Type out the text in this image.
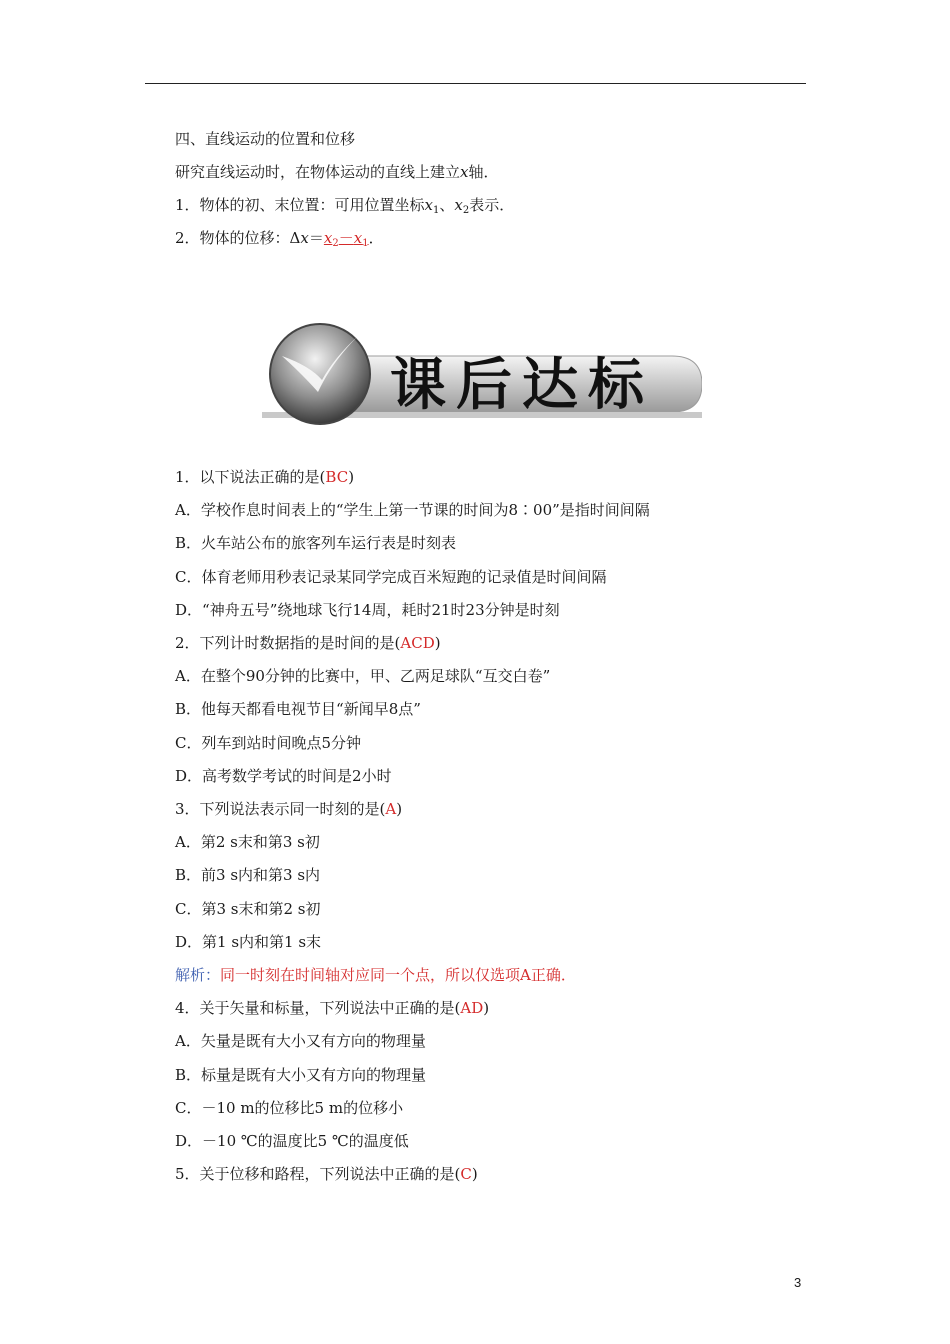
四、直线运动的位置和位移
研究直线运动时，在物体运动的直线上建立x轴．
1．物体的初、末位置：可用位置坐标$x_1$、$x_2$表示．
2．物体的位移：$\Delta x=x_2-x_1$．
课后达标
1．以下说法正确的是(BC)
A．学校作息时间表上的“学生上第一节课的时间为8∶00”是指时间间隔
B．火车站公布的旅客列车运行表是时刻表
C．体育老师用秒表记录某同学完成百米短跑的记录值是时间间隔
D．“神舟五号”绕地球飞行14周，耗时21时23分钟是时刻
2．下列计时数据指的是时间的是(ACD)
A．在整个90分钟的比赛中，甲、乙两足球队“互交白卷”
B．他每天都看电视节目“新闻早8点”
C．列车到站时间晚点5分钟
D．高考数学考试的时间是2小时
3．下列说法表示同一时刻的是(A)
A．第2 s末和第3 s初
B．前3 s内和第3 s内
C．第3 s末和第2 s初
D．第1 s内和第1 s末
解析：同一时刻在时间轴对应同一个点，所以仅选项A正确．
4．关于矢量和标量，下列说法中正确的是(AD)
A．矢量是既有大小又有方向的物理量
B．标量是既有大小又有方向的物理量
C．－10 m的位移比5 m的位移小
D．－10 ℃的温度比5 ℃的温度低
5．关于位移和路程，下列说法中正确的是(C)
3
